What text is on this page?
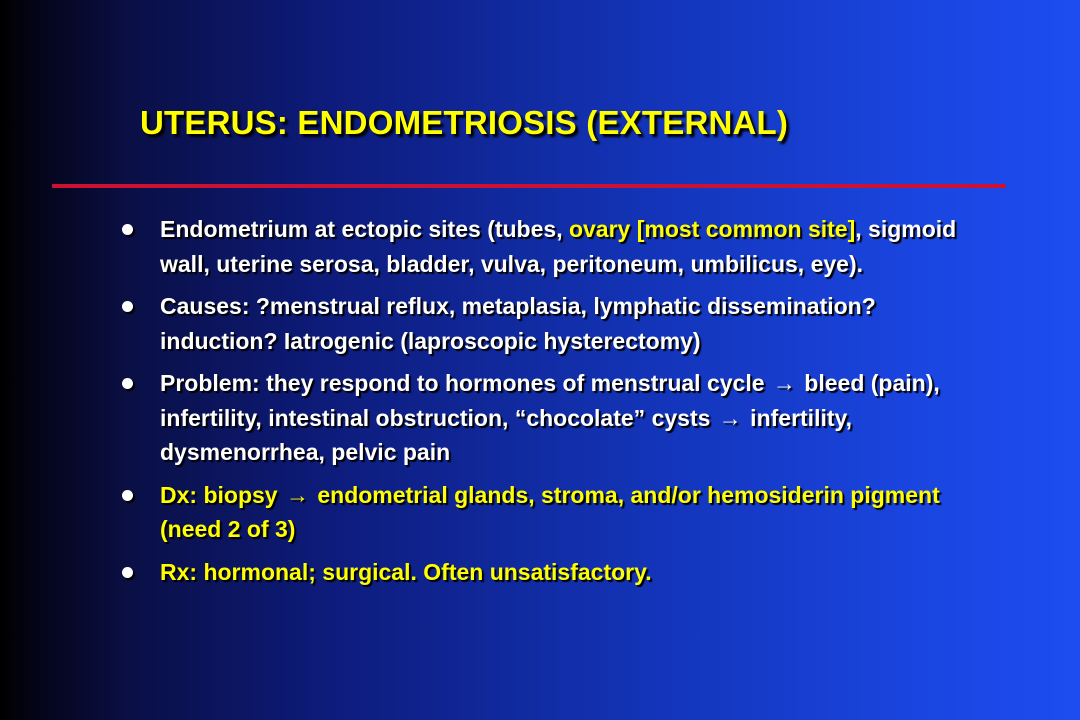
UTERUS: ENDOMETRIOSIS (EXTERNAL)
Endometrium at ectopic sites (tubes, ovary [most common site], sigmoid wall, uterine serosa, bladder, vulva, peritoneum, umbilicus, eye).
Causes: ?menstrual reflux, metaplasia, lymphatic dissemination? induction? Iatrogenic (laproscopic hysterectomy)
Problem: they respond to hormones of menstrual cycle → bleed (pain), infertility, intestinal obstruction, “chocolate” cysts → infertility, dysmenorrhea, pelvic pain
Dx: biopsy → endometrial glands, stroma, and/or hemosiderin pigment (need 2 of 3)
Rx: hormonal; surgical. Often unsatisfactory.
